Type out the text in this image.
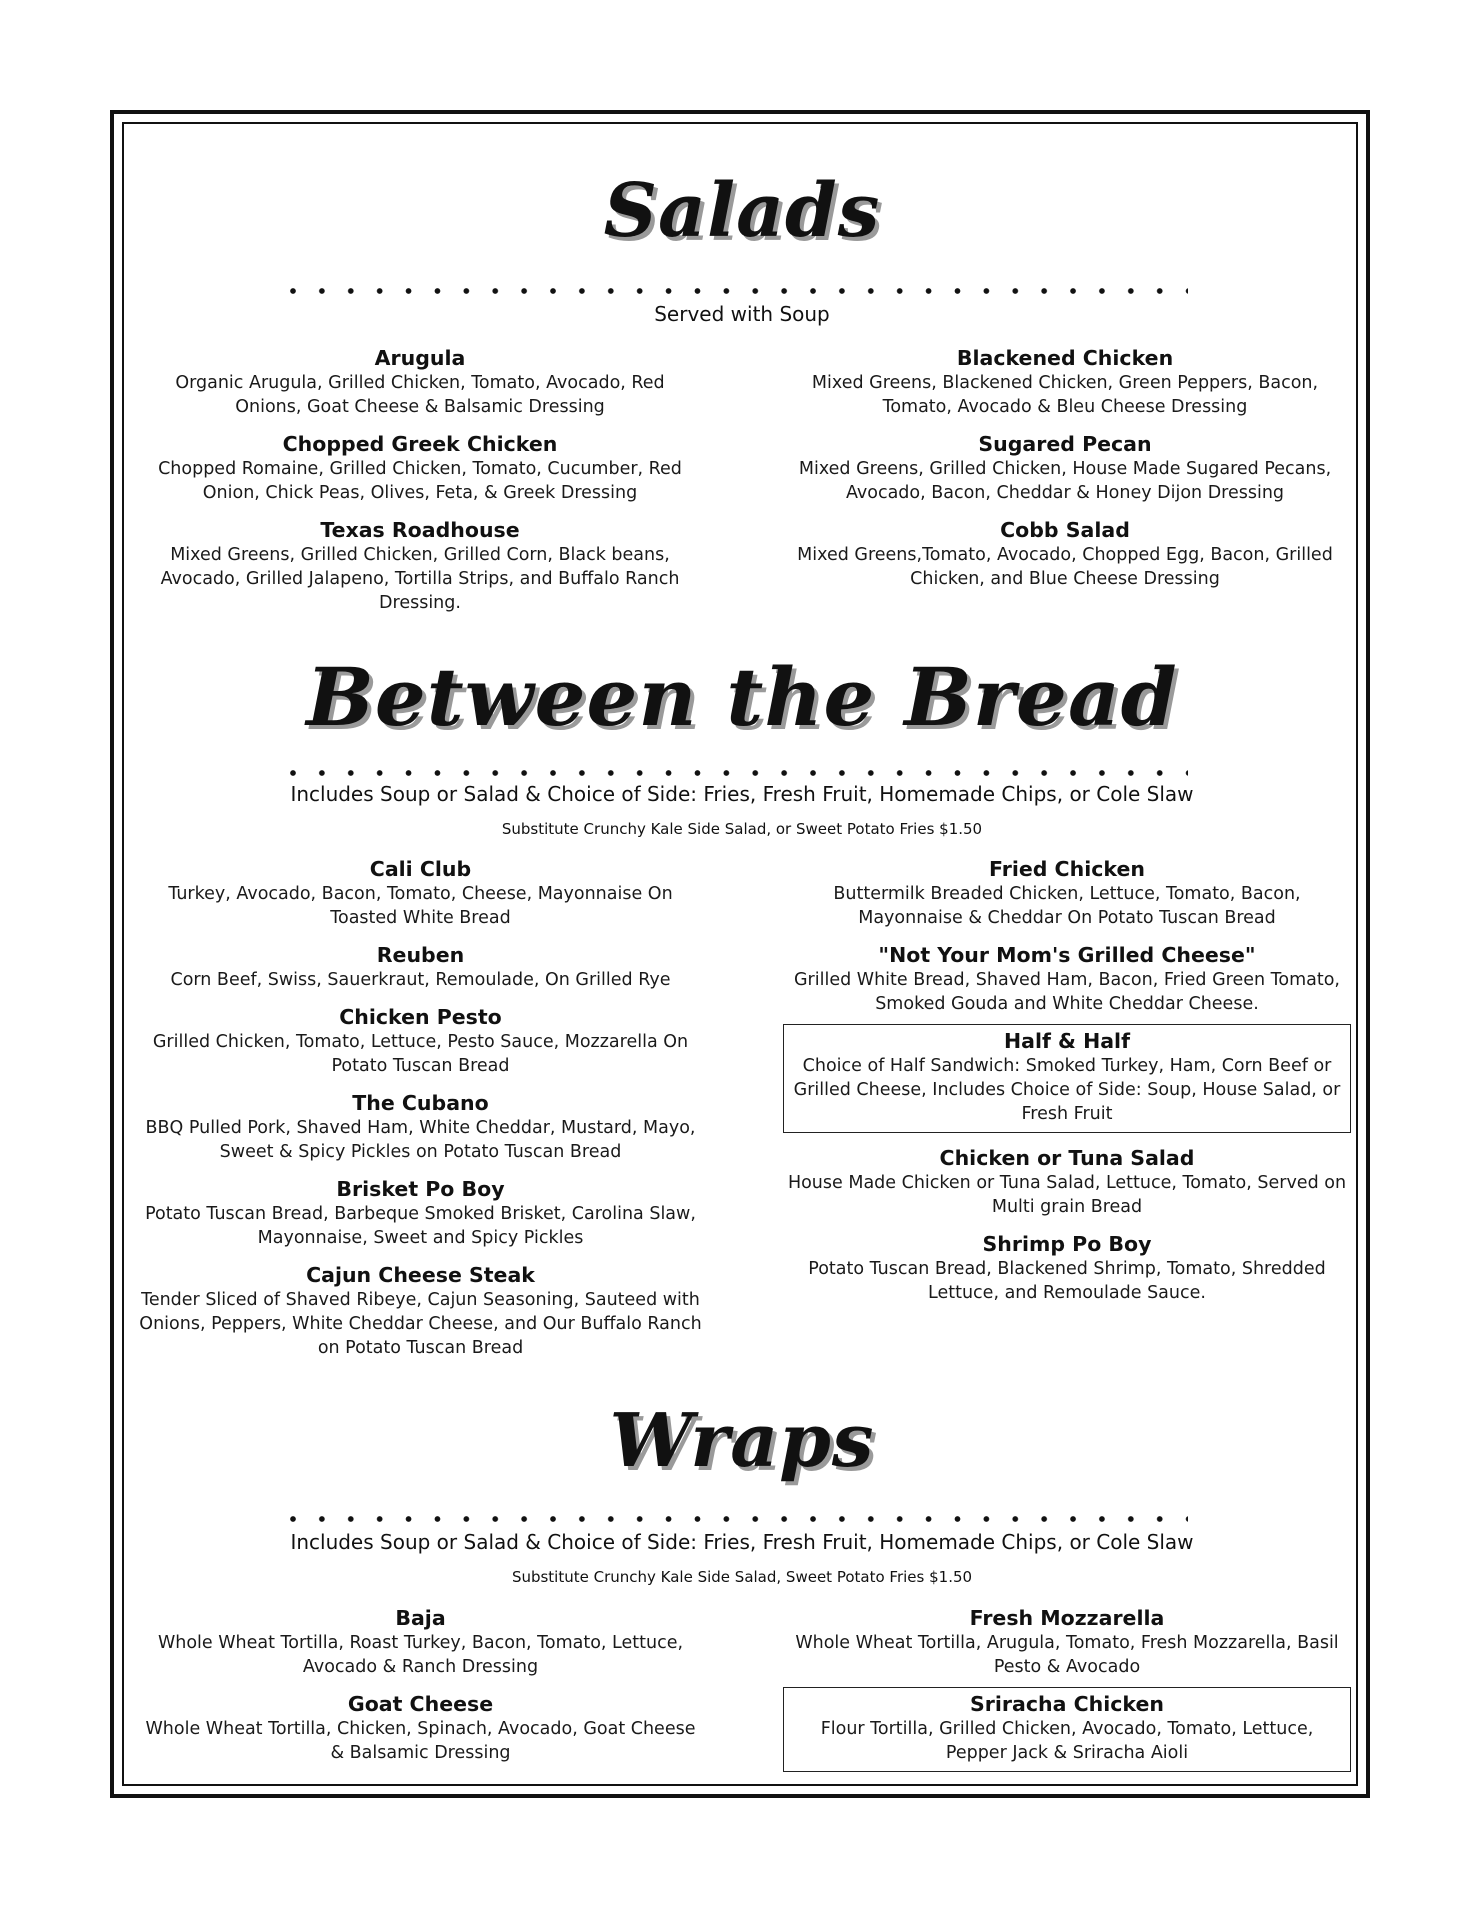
Salads
Served with Soup
Arugula
Organic Arugula, Grilled Chicken, Tomato, Avocado, Red Onions, Goat Cheese & Balsamic Dressing
Chopped Greek Chicken
Chopped Romaine, Grilled Chicken, Tomato, Cucumber, Red Onion, Chick Peas, Olives, Feta, & Greek Dressing
Texas Roadhouse
Mixed Greens, Grilled Chicken, Grilled Corn, Black beans, Avocado, Grilled Jalapeno, Tortilla Strips, and Buffalo Ranch Dressing.
Blackened Chicken
Mixed Greens, Blackened Chicken, Green Peppers, Bacon, Tomato, Avocado & Bleu Cheese Dressing
Sugared Pecan
Mixed Greens, Grilled Chicken, House Made Sugared Pecans, Avocado, Bacon, Cheddar & Honey Dijon Dressing
Cobb Salad
Mixed Greens,Tomato, Avocado, Chopped Egg, Bacon, Grilled Chicken, and Blue Cheese Dressing
Between the Bread
Includes Soup or Salad & Choice of Side: Fries, Fresh Fruit, Homemade Chips, or Cole Slaw
Substitute Crunchy Kale Side Salad, or Sweet Potato Fries $1.50
Cali Club
Turkey, Avocado, Bacon, Tomato, Cheese, Mayonnaise On Toasted White Bread
Reuben
Corn Beef, Swiss, Sauerkraut, Remoulade, On Grilled Rye
Chicken Pesto
Grilled Chicken, Tomato, Lettuce, Pesto Sauce, Mozzarella On Potato Tuscan Bread
The Cubano
BBQ Pulled Pork, Shaved Ham, White Cheddar, Mustard, Mayo, Sweet & Spicy Pickles on Potato Tuscan Bread
Brisket Po Boy
Potato Tuscan Bread, Barbeque Smoked Brisket, Carolina Slaw, Mayonnaise, Sweet and Spicy Pickles
Cajun Cheese Steak
Tender Sliced of Shaved Ribeye, Cajun Seasoning, Sauteed with Onions, Peppers, White Cheddar Cheese, and Our Buffalo Ranch on Potato Tuscan Bread
Fried Chicken
Buttermilk Breaded Chicken, Lettuce, Tomato, Bacon, Mayonnaise & Cheddar On Potato Tuscan Bread
"Not Your Mom's Grilled Cheese"
Grilled White Bread, Shaved Ham, Bacon, Fried Green Tomato, Smoked Gouda and White Cheddar Cheese.
Half & Half
Choice of Half Sandwich: Smoked Turkey, Ham, Corn Beef or Grilled Cheese, Includes Choice of Side: Soup, House Salad, or Fresh Fruit
Chicken or Tuna Salad
House Made Chicken or Tuna Salad, Lettuce, Tomato, Served on Multi grain Bread
Shrimp Po Boy
Potato Tuscan Bread, Blackened Shrimp, Tomato, Shredded Lettuce, and Remoulade Sauce.
Wraps
Includes Soup or Salad & Choice of Side: Fries, Fresh Fruit, Homemade Chips, or Cole Slaw
Substitute Crunchy Kale Side Salad, Sweet Potato Fries $1.50
Baja
Whole Wheat Tortilla, Roast Turkey, Bacon, Tomato, Lettuce, Avocado & Ranch Dressing
Goat Cheese
Whole Wheat Tortilla, Chicken, Spinach, Avocado, Goat Cheese & Balsamic Dressing
Fresh Mozzarella
Whole Wheat Tortilla, Arugula, Tomato, Fresh Mozzarella, Basil Pesto & Avocado
Sriracha Chicken
Flour Tortilla, Grilled Chicken, Avocado, Tomato, Lettuce, Pepper Jack & Sriracha Aioli
